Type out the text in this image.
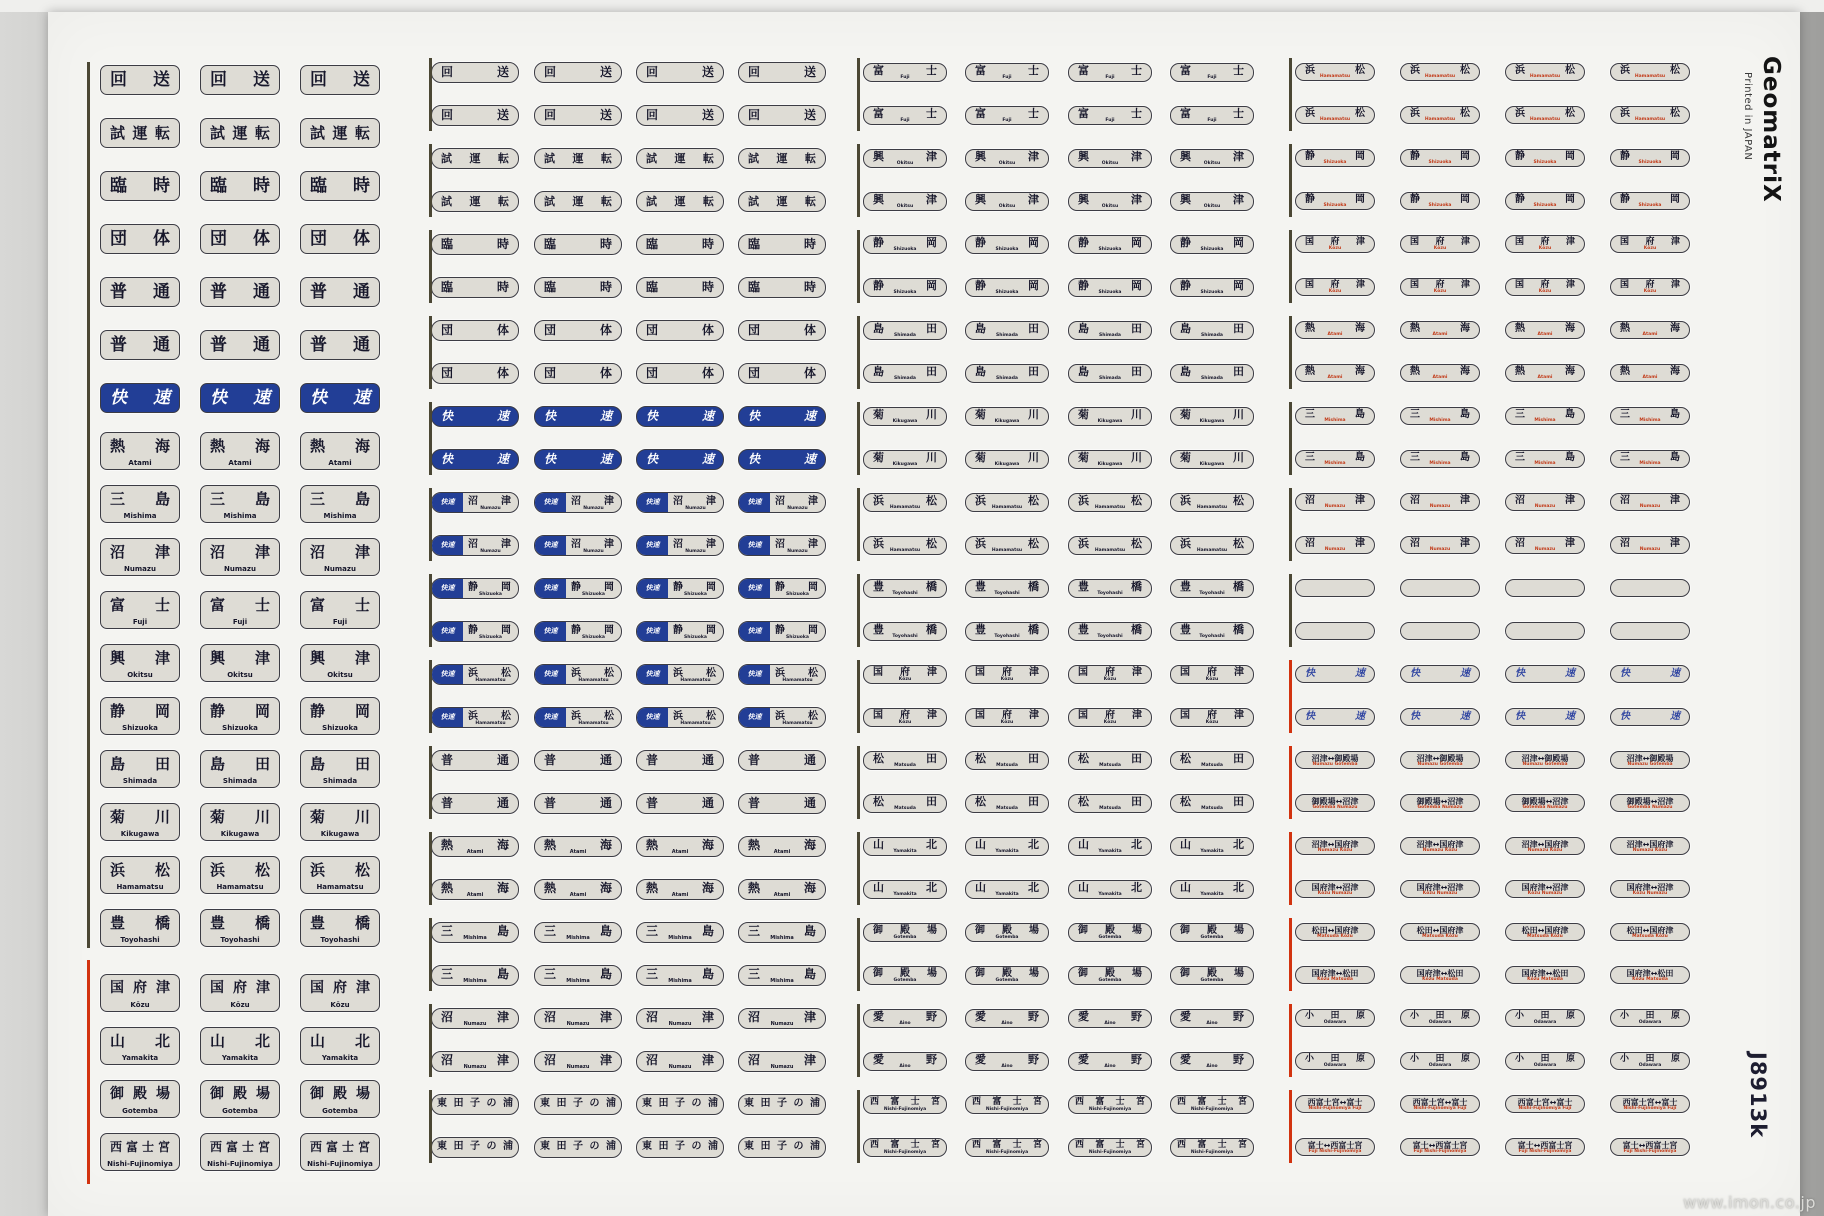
回 送 回 送 回 送
試 運 転	試 運 転	試 運 転
臨 時 臨 時 臨 時
団 体 団 体 団 体
普 通 普 通 普 通
普 通 普 通 普 通
快 速 快 速 快 速
熱 海
Atami
熱 海
Atami
熱 海
Atami
三 島
Mishima
三 島
Mishima
三 島
Mishima
沼 津
Numazu
沼 津
Numazu
沼 津
Numazu
富 士
Fuji
富 士
Fuji
富 士
Fuji
興 津
Okitsu
興 津
Okitsu
興 津
Okitsu
静 岡
Shizuoka
静 岡
Shizuoka
静 岡
Shizuoka
島 田
Shimada
島 田
Shimada
島 田
Shimada
菊 川
Kikugawa
菊 川
Kikugawa
菊 川
Kikugawa
浜 松
Hamamatsu
浜 松
Hamamatsu
浜 松
Hamamatsu
豊 橋
Toyohashi
豊 橋
Toyohashi
豊 橋
Toyohashi
国 府 津
Kōzu
国 府 津
Kōzu
国 府 津
Kōzu
山 北
Yamakita
山 北
Yamakita
山 北
Yamakita
御 殿 場
Gotemba
御 殿 場
Gotemba
御 殿 場
Gotemba
西 富 士 宮
Nishi-Fujinomiya
西 富 士 宮
Nishi-Fujinomiya
西 富 士 宮
Nishi-Fujinomiya
回	送	回	送	回	送	回	送
回	送	回	送	回	送	回	送
試 運 転	試 運 転	試 運 転	試 運 転
試 運 転	試 運 転	試 運 転	試 運 転
臨	時	臨	時	臨	時	臨	時
臨	時	臨	時	臨	時	臨	時
団	体	団	体	団	体	団	体
団	体	団	体	団	体	団	体
快	速	快	速	快	速	快	速
快	速	快	速	快	速	快	速
快速	沼 津
Numazu
快速	沼 津
Numazu
快速	沼 津
Numazu
快速	沼 津
Numazu
快速	沼 津
Numazu
快速	沼 津
Numazu
快速	沼 津
Numazu
快速	沼 津
Numazu
快速	静 岡
Shizuoka
快速	静 岡
Shizuoka
快速	静 岡
Shizuoka
快速	静 岡
Shizuoka
快速	静 岡
Shizuoka
快速	静 岡
Shizuoka
快速	静 岡
Shizuoka
快速	静 岡
Shizuoka
快速	浜 松
Hamamatsu
快速	浜 松
Hamamatsu
快速	浜 松
Hamamatsu
快速	浜 松
Hamamatsu
快速	浜 松
Hamamatsu
快速	浜 松
Hamamatsu
快速	浜 松
Hamamatsu
快速	浜 松
Hamamatsu
普	通	普	通	普	通	普	通
普	通	普	通	普	通	普	通
熱	海
Atami	熱	海
Atami	熱	海
Atami	熱	海
Atami
熱	海
Atami	熱	海
Atami	熱	海
Atami	熱	海
Atami
三	島
Mishima	三	島
Mishima	三	島
Mishima	三	島
Mishima
三	島
Mishima	三	島
Mishima	三	島
Mishima	三	島
Mishima
沼	津
Numazu	沼	津
Numazu	沼	津
Numazu	沼	津
Numazu
沼	津
Numazu	沼	津
Numazu	沼	津
Numazu	沼	津
Numazu
東 田 子 の 浦	東 田 子 の 浦	東 田 子 の 浦	東 田 子 の 浦
東 田 子 の 浦	東 田 子 の 浦	東 田 子 の 浦	東 田 子 の 浦
富	士
Fuji	富	士
Fuji	富	士
Fuji	富	士
Fuji
富	士
Fuji	富	士
Fuji	富	士
Fuji	富	士
Fuji
興	津
Okitsu	興	津
Okitsu	興	津
Okitsu	興	津
Okitsu
興	津
Okitsu	興	津
Okitsu	興	津
Okitsu	興	津
Okitsu
静	岡
Shizuoka	静	岡
Shizuoka	静	岡
Shizuoka	静	岡
Shizuoka
静	岡
Shizuoka	静	岡
Shizuoka	静	岡
Shizuoka	静	岡
Shizuoka
島	田
Shimada	島	田
Shimada	島	田
Shimada	島	田
Shimada
島	田
Shimada	島	田
Shimada	島	田
Shimada	島	田
Shimada
菊	川
Kikugawa	菊	川
Kikugawa	菊	川
Kikugawa	菊	川
Kikugawa
菊	川
Kikugawa	菊	川
Kikugawa	菊	川
Kikugawa	菊	川
Kikugawa
浜	松
Hamamatsu	浜	松
Hamamatsu	浜	松
Hamamatsu	浜	松
Hamamatsu
浜	松
Hamamatsu	浜	松
Hamamatsu	浜	松
Hamamatsu	浜	松
Hamamatsu
豊	橋
Toyohashi	豊	橋
Toyohashi	豊	橋
Toyohashi	豊	橋
Toyohashi
豊	橋
Toyohashi	豊	橋
Toyohashi	豊	橋
Toyohashi	豊	橋
Toyohashi
国 府 津
Kōzu
国 府 津
Kōzu
国 府 津
Kōzu
国 府 津
Kōzu
国 府 津
Kōzu
国 府 津
Kōzu
国 府 津
Kōzu
国 府 津
Kōzu
松	田
Matsuda	松	田
Matsuda	松	田
Matsuda	松	田
Matsuda
松	田
Matsuda	松	田
Matsuda	松	田
Matsuda	松	田
Matsuda
山	北
Yamakita	山	北
Yamakita	山	北
Yamakita	山	北
Yamakita
山	北
Yamakita	山	北
Yamakita	山	北
Yamakita	山	北
Yamakita
御 殿 場
Gotemba
御 殿 場
Gotemba
御 殿 場
Gotemba
御 殿 場
Gotemba
御 殿 場
Gotemba
御 殿 場
Gotemba
御 殿 場
Gotemba
御 殿 場
Gotemba
愛	野
Aino	愛	野
Aino	愛	野
Aino	愛	野
Aino
愛	野
Aino	愛	野
Aino	愛	野
Aino	愛	野
Aino
西 富 士 宮
Nishi-Fujinomiya
西 富 士 宮
Nishi-Fujinomiya
西 富 士 宮
Nishi-Fujinomiya
西 富 士 宮
Nishi-Fujinomiya
西 富 士 宮
Nishi-Fujinomiya
西 富 士 宮
Nishi-Fujinomiya
西 富 士 宮
Nishi-Fujinomiya
西 富 士 宮
Nishi-Fujinomiya
浜	松
Hamamatsu
浜	松
Hamamatsu
浜	松
Hamamatsu
浜	松
Hamamatsu
浜	松
Hamamatsu
浜	松
Hamamatsu
浜	松
Hamamatsu
浜	松
Hamamatsu
静	岡
Shizuoka
静	岡
Shizuoka
静	岡
Shizuoka
静	岡
Shizuoka
静	岡
Shizuoka
静	岡
Shizuoka
静	岡
Shizuoka
静	岡
Shizuoka
国 府 津
Kōzu
国 府 津
Kōzu
国 府 津
Kōzu
国 府 津
Kōzu
国 府 津
Kōzu
国 府 津
Kōzu
国 府 津
Kōzu
国 府 津
Kōzu
熱	海
Atami
熱	海
Atami
熱	海
Atami
熱	海
Atami
熱	海
Atami
熱	海
Atami
熱	海
Atami
熱	海
Atami
三	島
Mishima
三	島
Mishima
三	島
Mishima
三	島
Mishima
三	島
Mishima
三	島
Mishima
三	島
Mishima
三	島
Mishima
沼	津
Numazu
沼	津
Numazu
沼	津
Numazu
沼	津
Numazu
沼	津
Numazu
沼	津
Numazu
沼	津
Numazu
沼	津
Numazu
快	速	快	速	快	速	快	速
快	速	快	速	快	速	快	速
沼津↔御殿場
Numazu Gotemba
沼津↔御殿場
Numazu Gotemba
沼津↔御殿場
Numazu Gotemba
沼津↔御殿場
Numazu Gotemba
御殿場↔沼津
Gotemba Numazu
御殿場↔沼津
Gotemba Numazu
御殿場↔沼津
Gotemba Numazu
御殿場↔沼津
Gotemba Numazu
沼津↔国府津
Numazu Kōzu
沼津↔国府津
Numazu Kōzu
沼津↔国府津
Numazu Kōzu
沼津↔国府津
Numazu Kōzu
国府津↔沼津
Kōzu Numazu
国府津↔沼津
Kōzu Numazu
国府津↔沼津
Kōzu Numazu
国府津↔沼津
Kōzu Numazu
松田↔国府津
Matsuda Kōzu
松田↔国府津
Matsuda Kōzu
松田↔国府津
Matsuda Kōzu
松田↔国府津
Matsuda Kōzu
国府津↔松田
Kōzu Matsuda
国府津↔松田
Kōzu Matsuda
国府津↔松田
Kōzu Matsuda
国府津↔松田
Kōzu Matsuda
小 田 原
Odawara
小 田 原
Odawara
小 田 原
Odawara
小 田 原
Odawara
小 田 原
Odawara
小 田 原
Odawara
小 田 原
Odawara
小 田 原
Odawara
西富士宮↔富士
Nishi-Fujinomiya Fuji
西富士宮↔富士
Nishi-Fujinomiya Fuji
西富士宮↔富士
Nishi-Fujinomiya Fuji
西富士宮↔富士
Nishi-Fujinomiya Fuji
富士↔西富士宮
Fuji Nishi-Fujinomiya
富士↔西富士宮
Fuji Nishi-Fujinomiya
富士↔西富士宮
Fuji Nishi-Fujinomiya
富士↔西富士宮
Fuji Nishi-Fujinomiya
GeomatriX
Printed in JAPAN
J8913k
www.imon.co.jp
